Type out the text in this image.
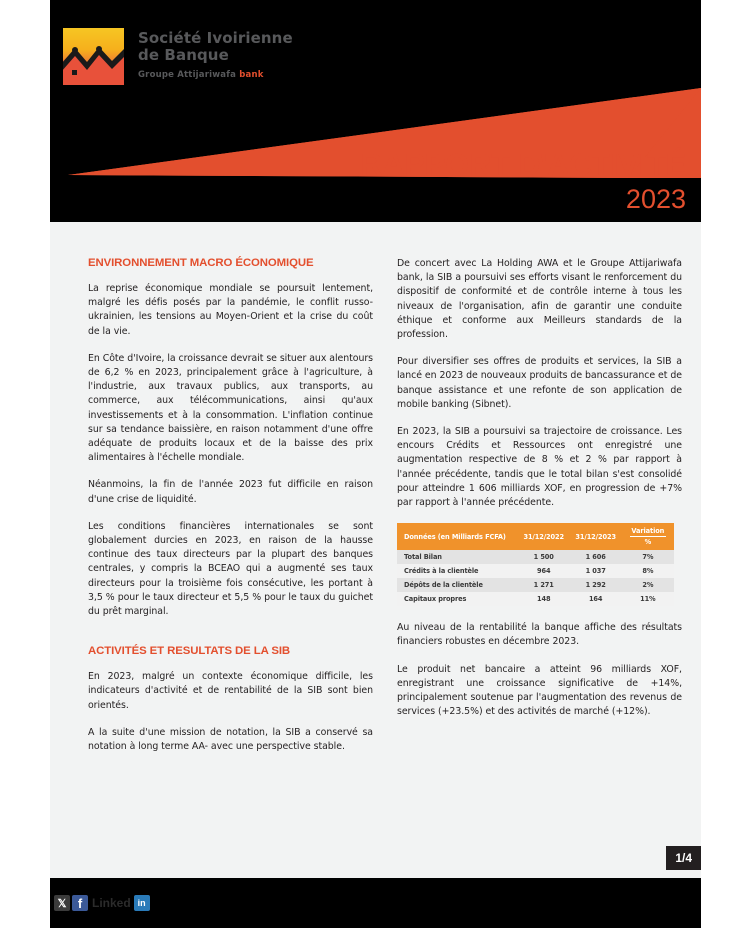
Société Ivoirienne
de Banque
Groupe Attijariwafa bank
RAPPORT D'ACTIVITÉ
2023
ENVIRONNEMENT MACRO ÉCONOMIQUE

La reprise économique mondiale se poursuit lentement, malgré les défis posés par la pandémie, le conflit russo-ukrainien, les tensions au Moyen-Orient et la crise du coût de la vie.

En Côte d'Ivoire, la croissance devrait se situer aux alentours de 6,2 % en 2023, principalement grâce à l'agriculture, à l'industrie, aux travaux publics, aux transports, au commerce, aux télécommunications, ainsi qu'aux investissements et à la consommation. L'inflation continue sur sa tendance baissière, en raison notamment d'une offre adéquate de produits locaux et de la baisse des prix alimentaires à l'échelle mondiale.

Néanmoins, la fin de l'année 2023 fut difficile en raison d'une crise de liquidité.

Les conditions financières internationales se sont globalement durcies en 2023, en raison de la hausse continue des taux directeurs par la plupart des banques centrales, y compris la BCEAO qui a augmenté ses taux directeurs pour la troisième fois consécutive, les portant à 3,5 % pour le taux directeur et 5,5 % pour le taux du guichet du prêt marginal.

ACTIVITÉS ET RESULTATS DE LA SIB

En 2023, malgré un contexte économique difficile, les indicateurs d'activité et de rentabilité de la SIB sont bien orientés.

A la suite d'une mission de notation, la SIB a conservé sa notation à long terme AA- avec une perspective stable.

De concert avec La Holding AWA et le Groupe Attijariwafa bank, la SIB a poursuivi ses efforts visant le renforcement du dispositif de conformité et de contrôle interne à tous les niveaux de l'organisation, afin de garantir une conduite éthique et conforme aux Meilleurs standards de la profession.

Pour diversifier ses offres de produits et services, la SIB a lancé en 2023 de nouveaux produits de bancassurance et de banque assistance et une refonte de son application de mobile banking (Sibnet).

En 2023, la SIB a poursuivi sa trajectoire de croissance. Les encours Crédits et Ressources ont enregistré une augmentation respective de 8 % et 2 % par rapport à l'année précédente, tandis que le total bilan s'est consolidé pour atteindre 1 606 milliards XOF, en progression de +7% par rapport à l'année précédente.

Données (en Milliards FCFA)	31/12/2022	31/12/2023	Variation
%

Total Bilan	1 500	1 606	7%
Crédits à la clientèle	964	1 037	8%
Dépôts de la clientèle	1 271	1 292	2%
Capitaux propres	148	164	11%

Au niveau de la rentabilité la banque affiche des résultats financiers robustes en décembre 2023.

Le produit net bancaire a atteint 96 milliards XOF, enregistrant une croissance significative de +14%, principalement soutenue par l'augmentation des revenus de services (+23.5%) et des activités de marché (+12%).

1/4
𝕏 f Linked in
